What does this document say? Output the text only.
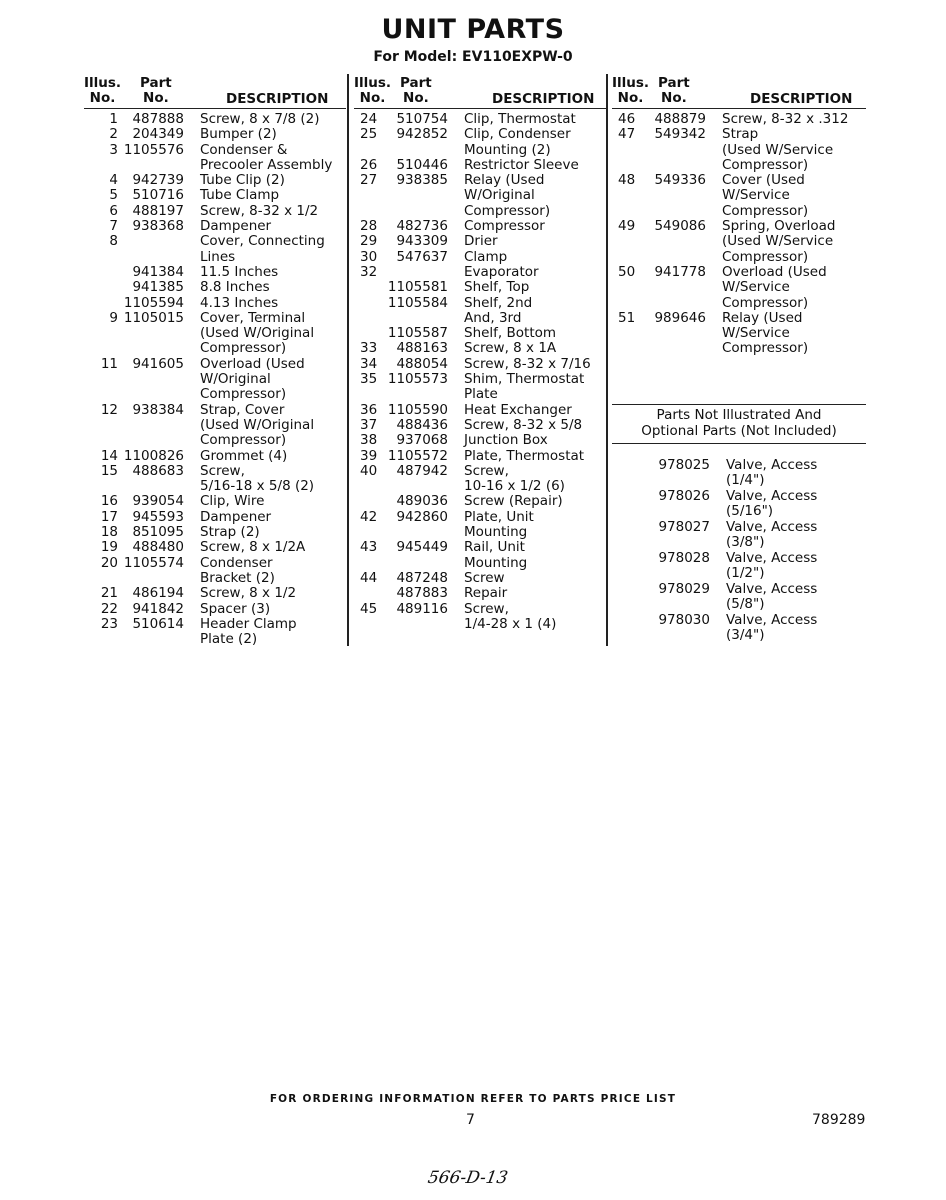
UNIT PARTS
For Model: EV110EXPW-0
Illus.
No.
Part
No.	DESCRIPTION
1	487888 Screw, 8 x 7/8 (2)
2	204349 Bumper (2)
3 1105576 Condenser &
Precooler Assembly
4	942739 Tube Clip (2)
5	510716 Tube Clamp
6	488197 Screw, 8-32 x 1/2
7	938368 Dampener
8	Cover, Connecting
Lines
941384 11.5 Inches
941385 8.8 Inches
1105594 4.13 Inches
9 1105015 Cover, Terminal
(Used W/Original
Compressor)
11	941605 Overload (Used
W/Original
Compressor)
12	938384 Strap, Cover
(Used W/Original
Compressor)
14 1100826 Grommet (4)
15	488683 Screw,
5/16-18 x 5/8 (2)
16	939054 Clip, Wire
17	945593 Dampener
18	851095 Strap (2)
19	488480 Screw, 8 x 1/2A
20 1105574 Condenser
Bracket (2)
21	486194 Screw, 8 x 1/2
22	941842 Spacer (3)
23	510614 Header Clamp
Plate (2)
Illus.
No.
Part
No.	DESCRIPTION
24	510754 Clip, Thermostat
25	942852 Clip, Condenser
Mounting (2)
26	510446 Restrictor Sleeve
27	938385 Relay (Used
W/Original
Compressor)
28	482736 Compressor
29	943309 Drier
30	547637 Clamp
32	Evaporator
1105581 Shelf, Top
1105584 Shelf, 2nd
And, 3rd
1105587 Shelf, Bottom
33	488163 Screw, 8 x 1A
34	488054 Screw, 8-32 x 7/16
35 1105573 Shim, Thermostat
Plate
36 1105590 Heat Exchanger
37	488436 Screw, 8-32 x 5/8
38	937068 Junction Box
39 1105572 Plate, Thermostat
40	487942 Screw,
10-16 x 1/2 (6)
489036 Screw (Repair)
42	942860 Plate, Unit
Mounting
43	945449 Rail, Unit
Mounting
44	487248 Screw
487883 Repair
45	489116 Screw,
1/4-28 x 1 (4)
Illus.
No.
Part
No.	DESCRIPTION
46	488879 Screw, 8-32 x .312
47	549342 Strap
(Used W/Service
Compressor)
48	549336 Cover (Used
W/Service
Compressor)
49	549086 Spring, Overload
(Used W/Service
Compressor)
50	941778 Overload (Used
W/Service
Compressor)
51	989646 Relay (Used
W/Service
Compressor)
Parts Not Illustrated And
Optional Parts (Not Included)
978025 Valve, Access
(1/4")
978026 Valve, Access
(5/16")
978027 Valve, Access
(3/8")
978028 Valve, Access
(1/2")
978029 Valve, Access
(5/8")
978030 Valve, Access
(3/4")
FOR ORDERING INFORMATION REFER TO PARTS PRICE LIST
7	789289
566-D-13
